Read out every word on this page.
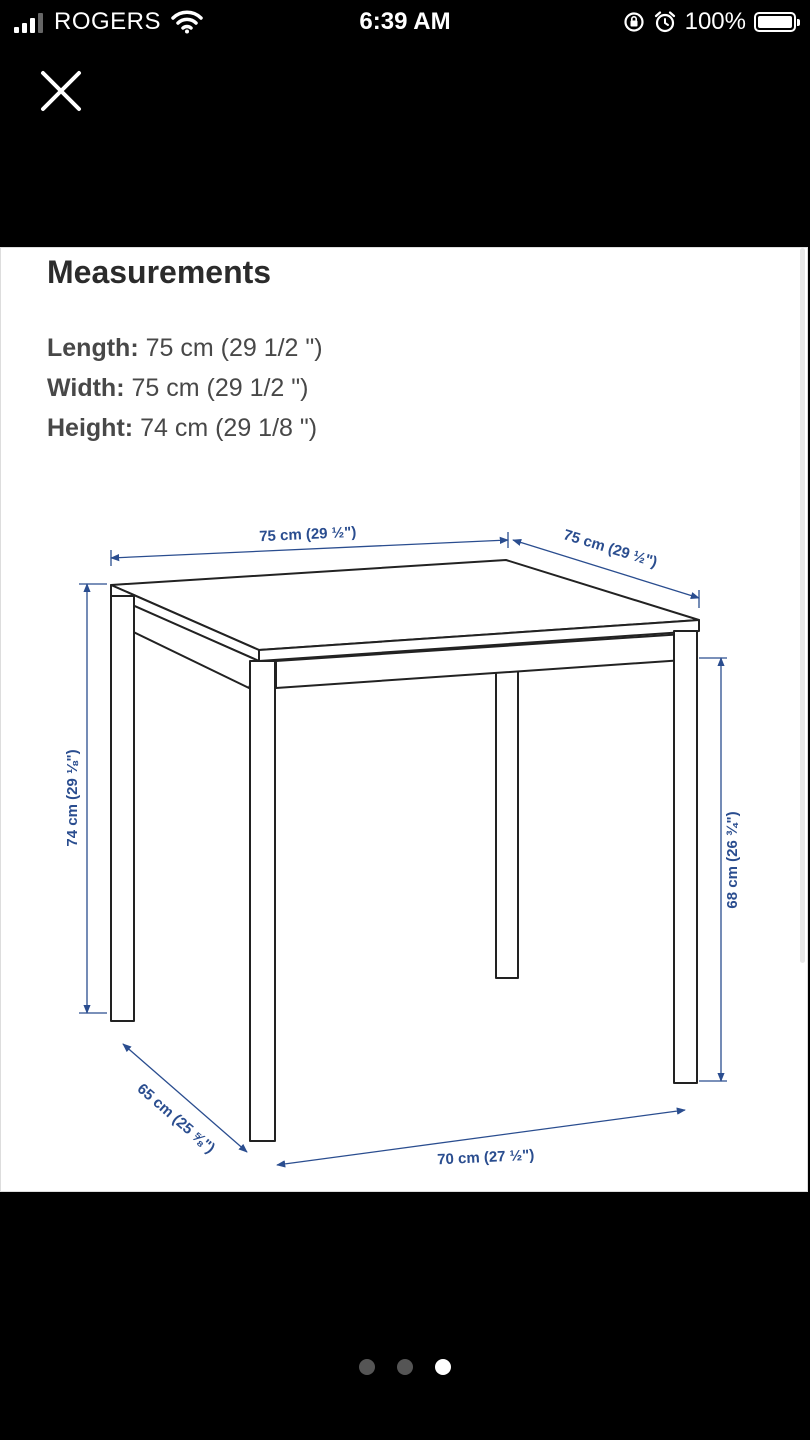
ROGERS	6:39 AM	100%
Measurements
Length: 75 cm (29 1/2 ")
Width: 75 cm (29 1/2 ")
Height: 74 cm (29 1/8 ")
75 cm (29 ½")	75 cm (29 ½")
74 cm (29 ⅛")
68 cm (26 ¾")
65 cm (25 ⅝")
70 cm (27 ½")
